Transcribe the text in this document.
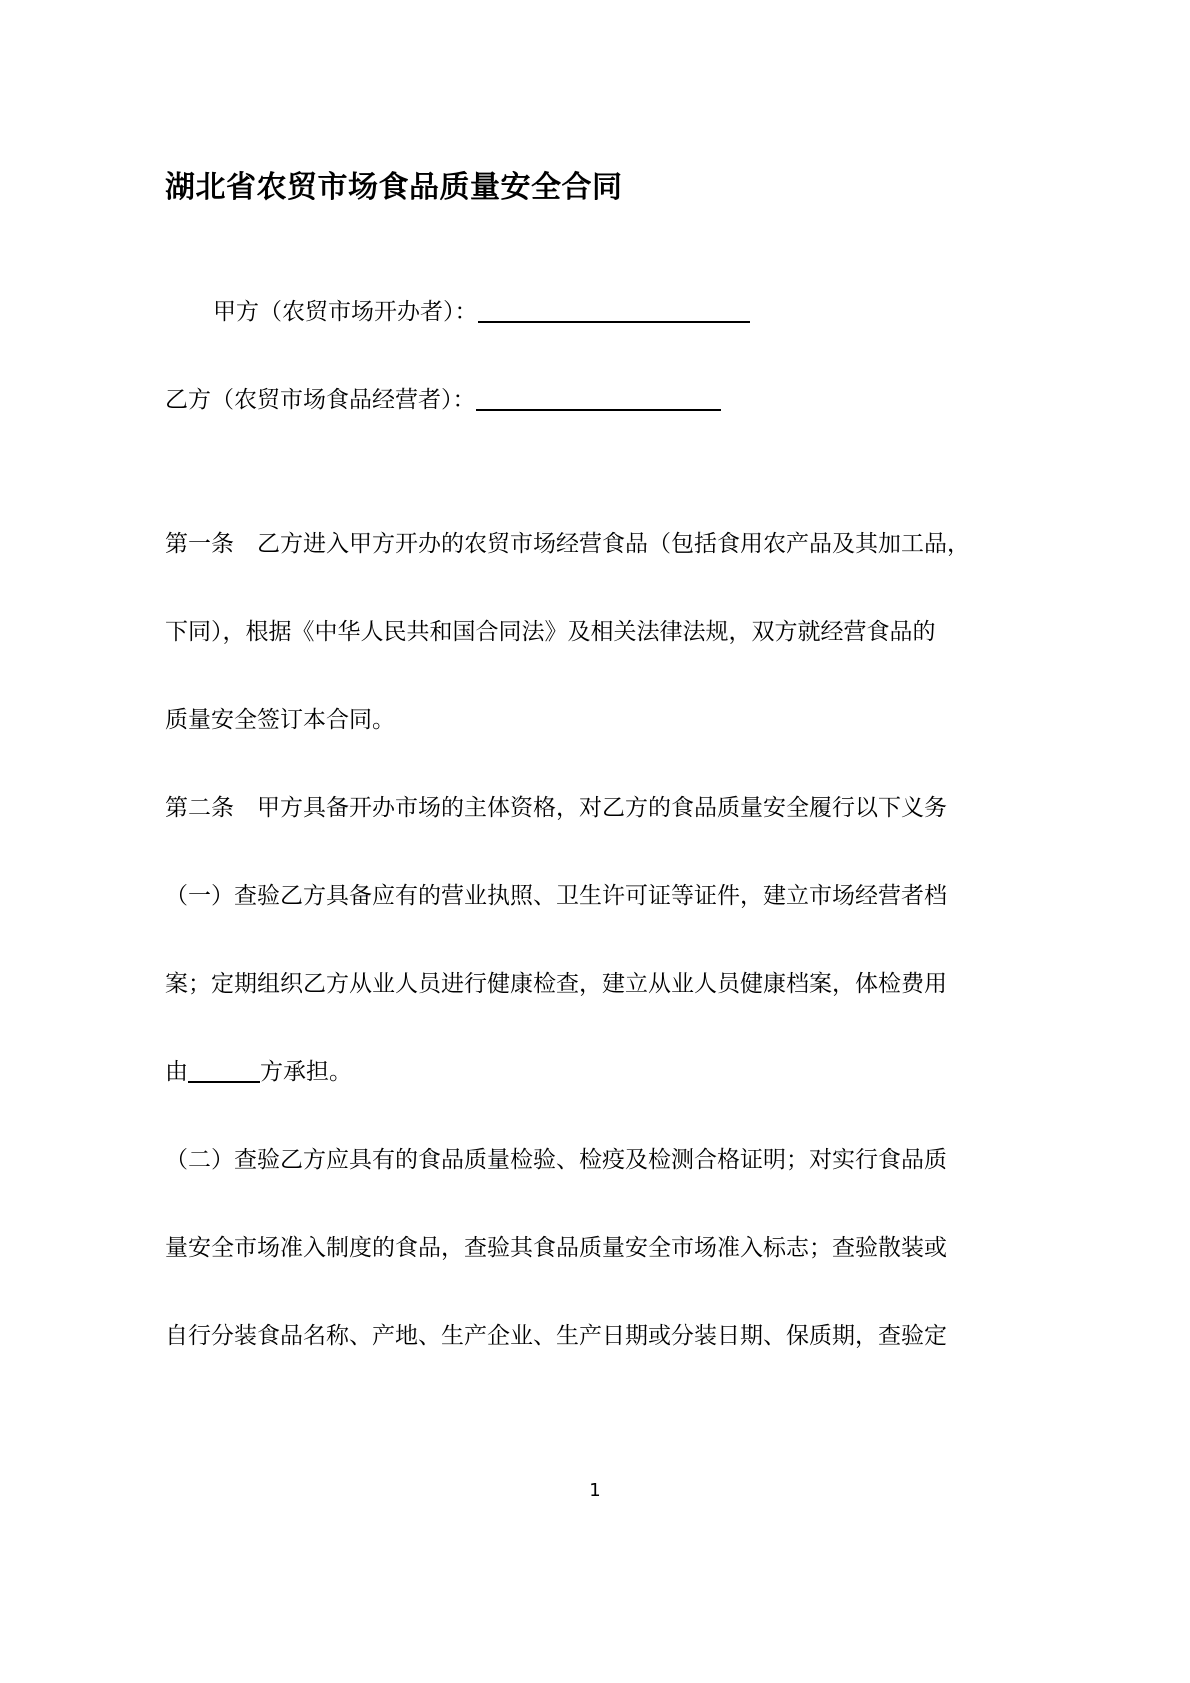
湖北省农贸市场食品质量安全合同

甲方（农贸市场开办者）：

乙方（农贸市场食品经营者）：

第一条　乙方进入甲方开办的农贸市场经营食品（包括食用农产品及其加工品，

下同），根据《中华人民共和国合同法》及相关法律法规，双方就经营食品的

质量安全签订本合同。

第二条　甲方具备开办市场的主体资格，对乙方的食品质量安全履行以下义务

（一）查验乙方具备应有的营业执照、卫生许可证等证件，建立市场经营者档

案；定期组织乙方从业人员进行健康检查，建立从业人员健康档案，体检费用

由	方承担。

（二）查验乙方应具有的食品质量检验、检疫及检测合格证明；对实行食品质

量安全市场准入制度的食品，查验其食品质量安全市场准入标志；查验散装或

自行分装食品名称、产地、生产企业、生产日期或分装日期、保质期，查验定

1
